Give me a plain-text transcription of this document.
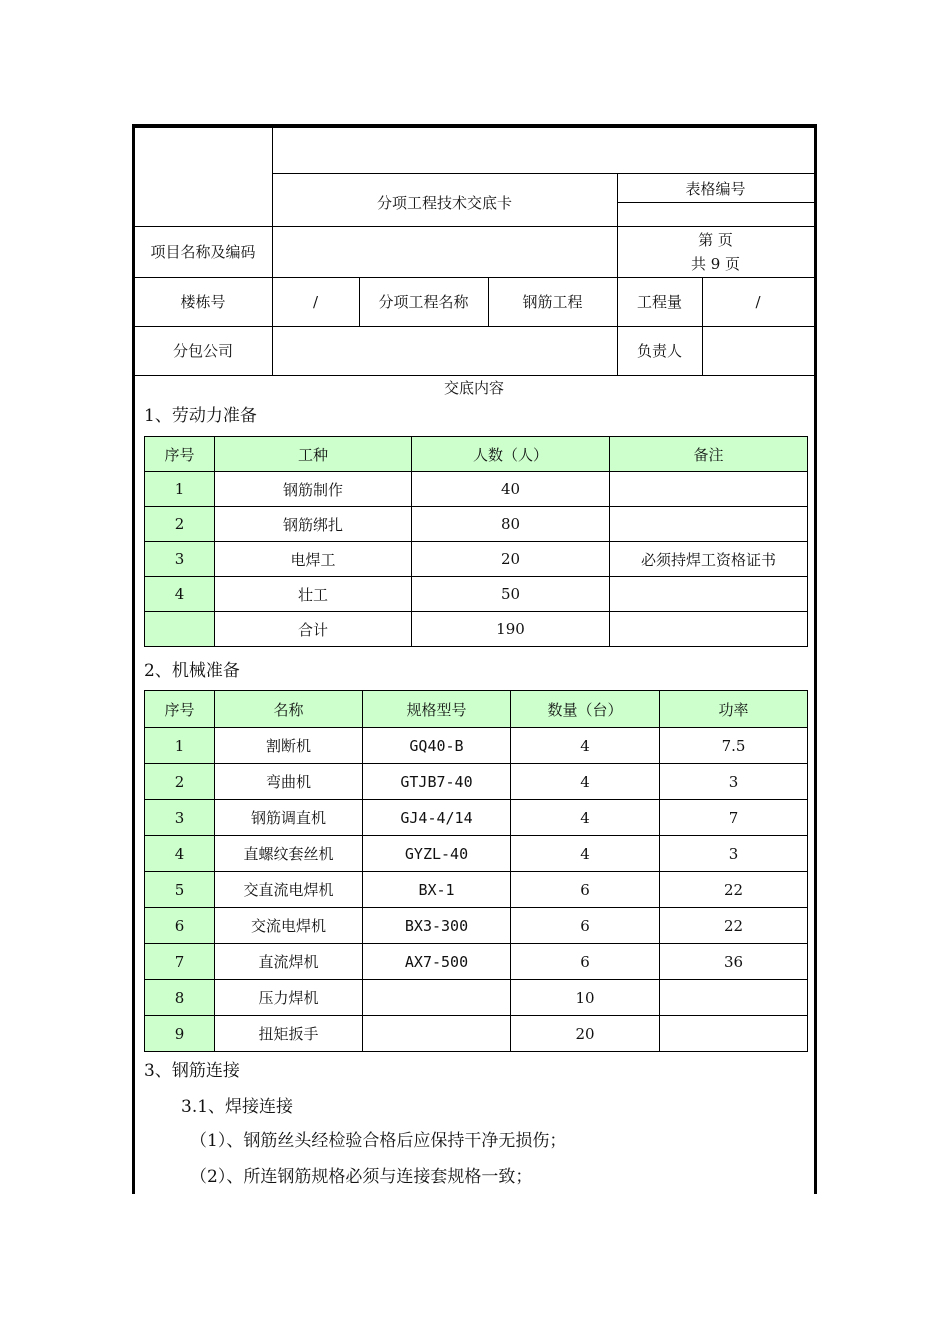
分项工程技术交底卡
表格编号
项目名称及编码
第 页
共 9 页
楼栋号	/	分项工程名称	钢筋工程	工程量	/
分包公司	负责人
交底内容
1、劳动力准备
序号	工种	人数（人）	备注
1	钢筋制作	40	
2	钢筋绑扎	80	
3	电焊工	20	必须持焊工资格证书
4	壮工	50	
	合计	190	
2、机械准备
序号	名称	规格型号	数量（台）	功率
1	割断机	GQ40-B	4	7.5
2	弯曲机	GTJB7-40	4	3
3	钢筋调直机	GJ4-4/14	4	7
4	直螺纹套丝机	GYZL-40	4	3
5	交直流电焊机	BX-1	6	22
6	交流电焊机	BX3-300	6	22
7	直流焊机	AX7-500	6	36
8	压力焊机		10	
9	扭矩扳手		20	
3、钢筋连接
3.1、焊接连接
（1）、钢筋丝头经检验合格后应保持干净无损伤；
（2）、所连钢筋规格必须与连接套规格一致；
